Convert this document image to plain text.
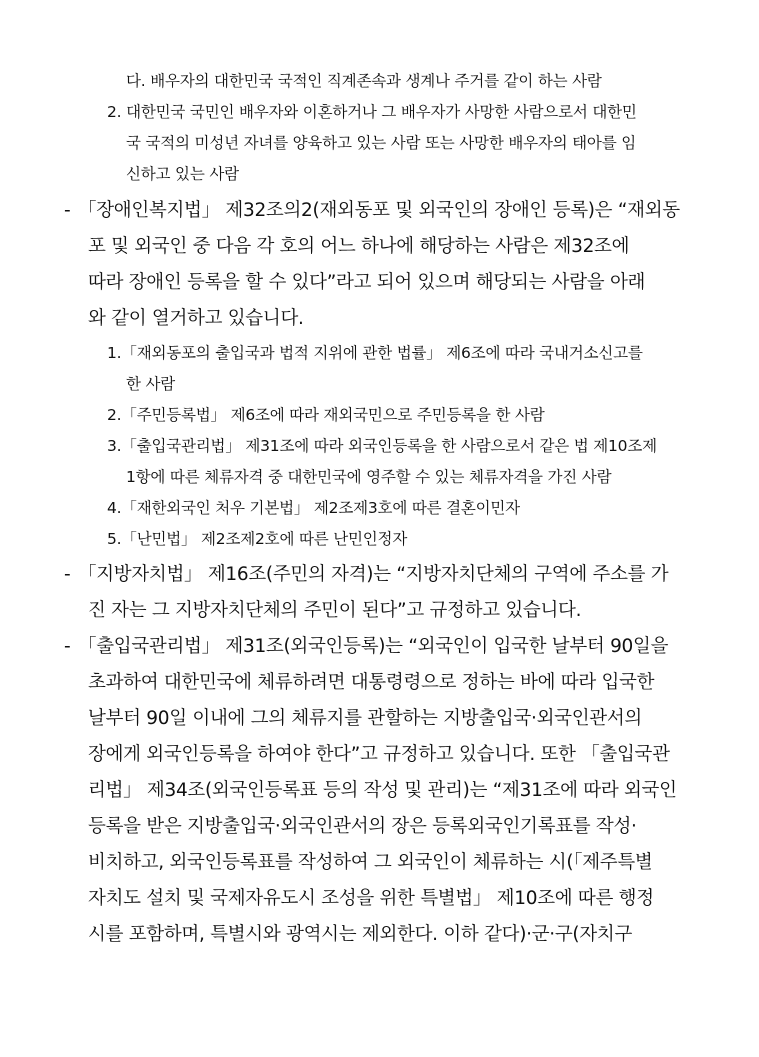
다. 배우자의 대한민국 국적인 직계존속과 생계나 주거를 같이 하는 사람
2. 대한민국 국민인 배우자와 이혼하거나 그 배우자가 사망한 사람으로서 대한민
국 국적의 미성년 자녀를 양육하고 있는 사람 또는 사망한 배우자의 태아를 임
신하고 있는 사람
- 「장애인복지법」 제32조의2(재외동포 및 외국인의 장애인 등록)은 “재외동
포 및 외국인 중 다음 각 호의 어느 하나에 해당하는 사람은 제32조에
따라 장애인 등록을 할 수 있다”라고 되어 있으며 해당되는 사람을 아래
와 같이 열거하고 있습니다.
1.「재외동포의 출입국과 법적 지위에 관한 법률」 제6조에 따라 국내거소신고를
한 사람
2.「주민등록법」 제6조에 따라 재외국민으로 주민등록을 한 사람
3.「출입국관리법」 제31조에 따라 외국인등록을 한 사람으로서 같은 법 제10조제
1항에 따른 체류자격 중 대한민국에 영주할 수 있는 체류자격을 가진 사람
4.「재한외국인 처우 기본법」 제2조제3호에 따른 결혼이민자
5.「난민법」 제2조제2호에 따른 난민인정자
- 「지방자치법」 제16조(주민의 자격)는 “지방자치단체의 구역에 주소를 가
진 자는 그 지방자치단체의 주민이 된다”고 규정하고 있습니다.
- 「출입국관리법」 제31조(외국인등록)는 “외국인이 입국한 날부터 90일을
초과하여 대한민국에 체류하려면 대통령령으로 정하는 바에 따라 입국한
날부터 90일 이내에 그의 체류지를 관할하는 지방출입국·외국인관서의
장에게 외국인등록을 하여야 한다”고 규정하고 있습니다. 또한 「출입국관
리법」 제34조(외국인등록표 등의 작성 및 관리)는 “제31조에 따라 외국인
등록을 받은 지방출입국·외국인관서의 장은 등록외국인기록표를 작성·
비치하고, 외국인등록표를 작성하여 그 외국인이 체류하는 시(「제주특별
자치도 설치 및 국제자유도시 조성을 위한 특별법」 제10조에 따른 행정
시를 포함하며, 특별시와 광역시는 제외한다. 이하 같다)·군·구(자치구
